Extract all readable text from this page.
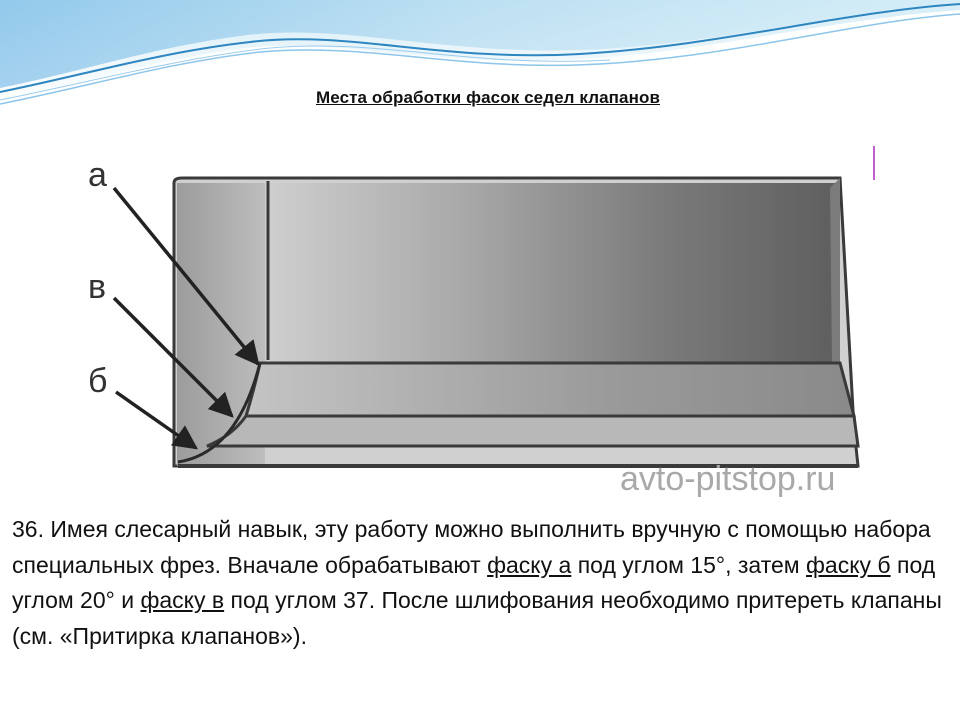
Места обработки фасок седел клапанов
а
в
б
avto-pitstop.ru

36. Имея слесарный навык, эту работу можно выполнить вручную с помощью набора специальных фрез. Вначале обрабатывают фаску а под углом 15°, затем фаску б под углом 20° и фаску в под углом 37. После шлифования необходимо притереть клапаны (см. «Притирка клапанов»).
